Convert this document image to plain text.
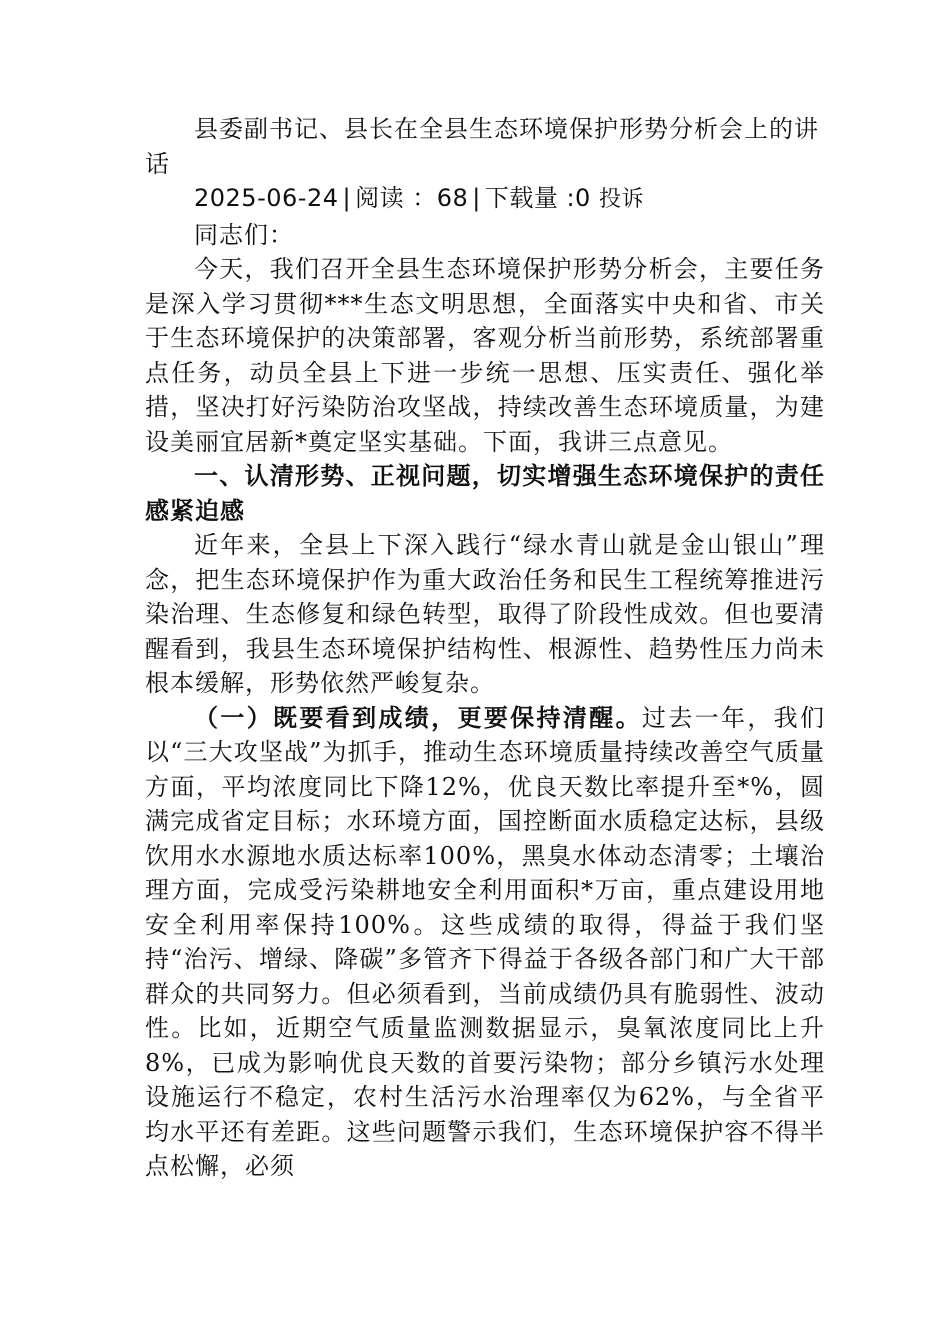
县委副书记、县长在全县生态环境保护形势分析会上的讲话

2025-06-24 | 阅读 ：68 | 下载量 :0 投诉

同志们：

今天，我们召开全县生态环境保护形势分析会，主要任务是深入学习贯彻***生态文明思想，全面落实中央和省、市关于生态环境保护的决策部署，客观分析当前形势，系统部署重点任务，动员全县上下进一步统一思想、压实责任、强化举措，坚决打好污染防治攻坚战，持续改善生态环境质量，为建设美丽宜居新*奠定坚实基础。下面，我讲三点意见。

一、认清形势、正视问题，切实增强生态环境保护的责任感紧迫感

近年来，全县上下深入践行“绿水青山就是金山银山”理念，把生态环境保护作为重大政治任务和民生工程统筹推进污染治理、生态修复和绿色转型，取得了阶段性成效。但也要清醒看到，我县生态环境保护结构性、根源性、趋势性压力尚未根本缓解，形势依然严峻复杂。

（一）既要看到成绩，更要保持清醒。过去一年，我们以“三大攻坚战”为抓手，推动生态环境质量持续改善空气质量方面，平均浓度同比下降12%，优良天数比率提升至*%，圆满完成省定目标；水环境方面，国控断面水质稳定达标，县级饮用水水源地水质达标率100%，黑臭水体动态清零；土壤治理方面，完成受污染耕地安全利用面积*万亩，重点建设用地安全利用率保持100%。这些成绩的取得，得益于我们坚持“治污、增绿、降碳”多管齐下得益于各级各部门和广大干部群众的共同努力。但必须看到，当前成绩仍具有脆弱性、波动性。比如，近期空气质量监测数据显示，臭氧浓度同比上升8%，已成为影响优良天数的首要污染物；部分乡镇污水处理设施运行不稳定，农村生活污水治理率仅为62%，与全省平均水平还有差距。这些问题警示我们，生态环境保护容不得半点松懈，必须
